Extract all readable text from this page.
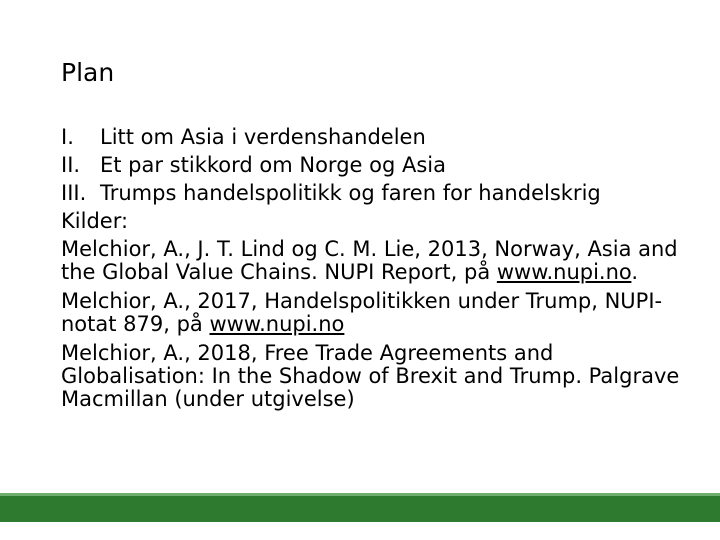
Plan

I. Litt om Asia i verdenshandelen

II. Et par stikkord om Norge og Asia

III. Trumps handelspolitikk og faren for handelskrig

Kilder:

Melchior, A., J. T. Lind og C. M. Lie, 2013, Norway, Asia and the Global Value Chains. NUPI Report, på www.nupi.no.

Melchior, A., 2017, Handelspolitikken under Trump, NUPI-notat 879, på www.nupi.no

Melchior, A., 2018, Free Trade Agreements and Globalisation: In the Shadow of Brexit and Trump. Palgrave Macmillan (under utgivelse)
